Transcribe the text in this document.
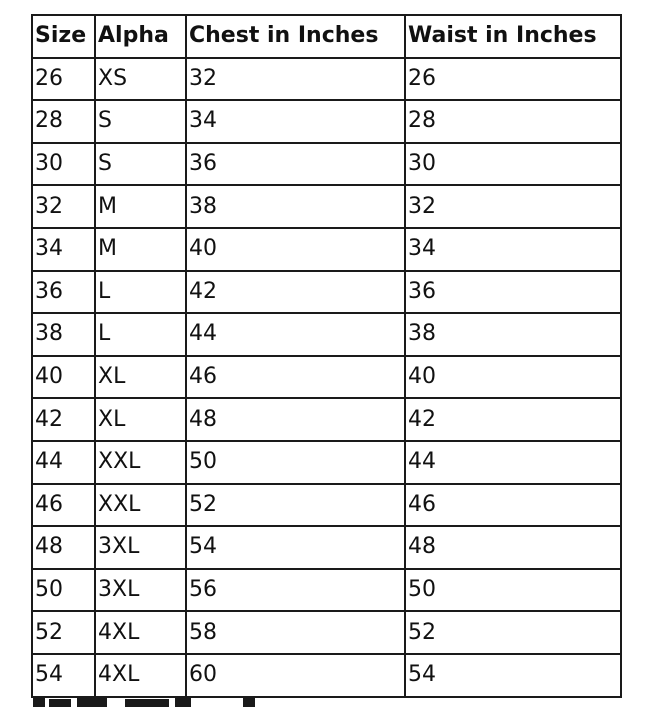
Size	Alpha	Chest in Inches	Waist in Inches
26	XS	32	26
28	S	34	28
30	S	36	30
32	M	38	32
34	M	40	34
36	L	42	36
38	L	44	38
40	XL	46	40
42	XL	48	42
44	XXL	50	44
46	XXL	52	46
48	3XL	54	48
50	3XL	56	50
52	4XL	58	52
54	4XL	60	54
